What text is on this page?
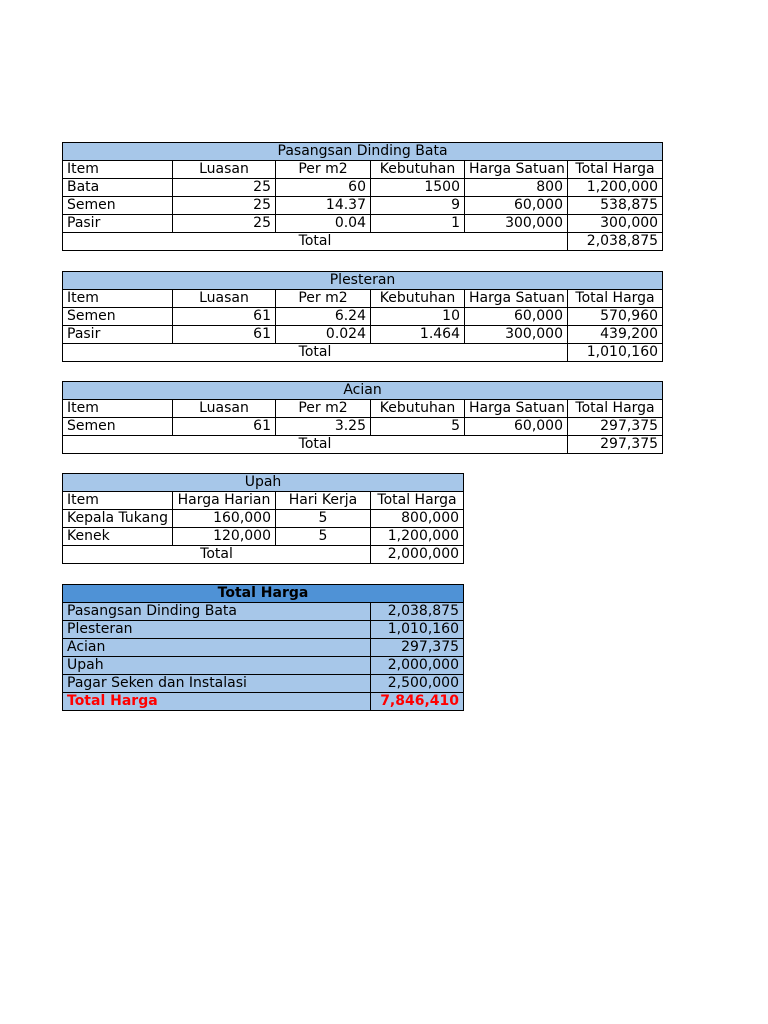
Pasangsan Dinding Bata					
Item	Luasan	Per m2	Kebutuhan	Harga Satuan	Total Harga
Bata	25	60	1500	800	1,200,000
Semen	25	14.37	9	60,000	538,875
Pasir	25	0.04	1	300,000	300,000
Total					2,038,875
Plesteran					
Item	Luasan	Per m2	Kebutuhan	Harga Satuan	Total Harga
Semen	61	6.24	10	60,000	570,960
Pasir	61	0.024	1.464	300,000	439,200
Total					1,010,160
Acian					
Item	Luasan	Per m2	Kebutuhan	Harga Satuan	Total Harga
Semen	61	3.25	5	60,000	297,375
Total					297,375
Upah			
Item	Harga Harian	Hari Kerja	Total Harga
Kepala Tukang	160,000	5	800,000
Kenek	120,000	5	1,200,000
Total			2,000,000
Total Harga	
Pasangsan Dinding Bata	2,038,875
Plesteran	1,010,160
Acian	297,375
Upah	2,000,000
Pagar Seken dan Instalasi	2,500,000
Total Harga	7,846,410
